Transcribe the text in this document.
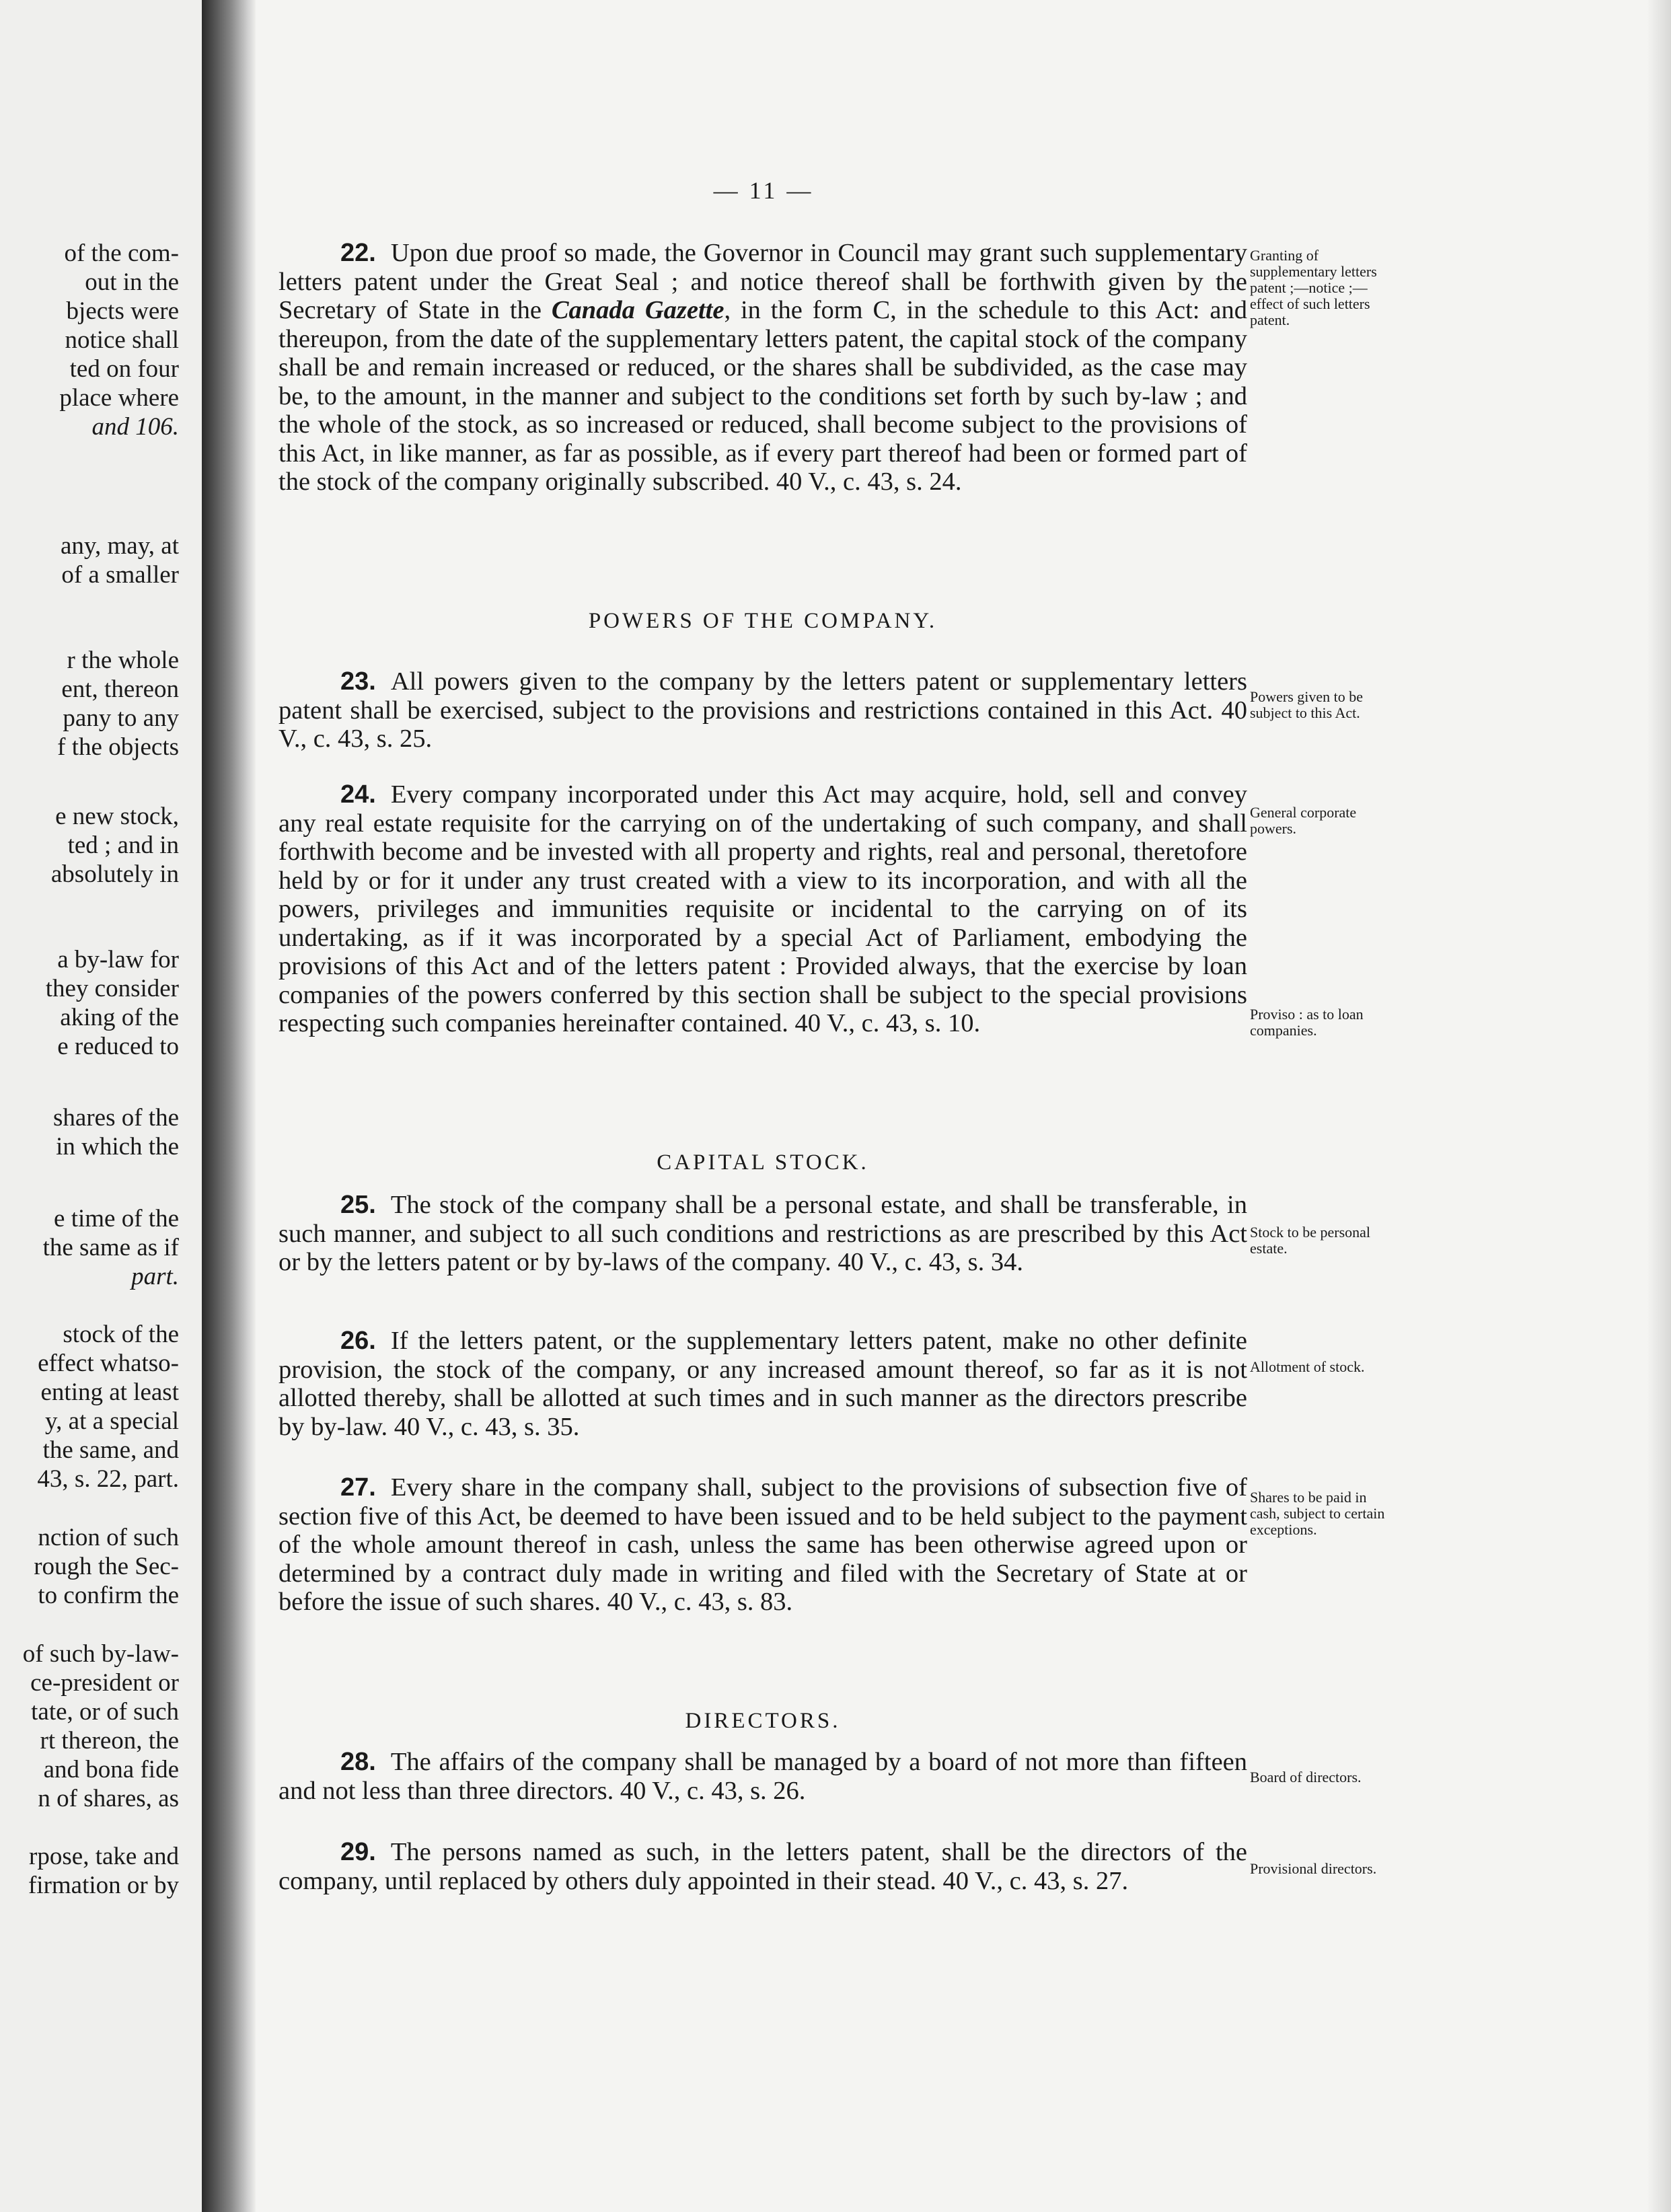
of the com-
out in the
bjects were
notice shall
ted on four
place where
and 106.
any, may, at
of a smaller
r the whole
ent, thereon
pany to any
f the objects
e new stock,
ted ; and in
absolutely in
a by-law for
they consider
aking of the
e reduced to
shares of the
in which the
e time of the
the same as if
part.
stock of the
effect whatso-
enting at least
y, at a special
the same, and
43, s. 22, part.
nction of such
rough the Sec-
to confirm the
of such by-law-
ce-president or
tate, or of such
rt thereon, the
and bona fide
n of shares, as
rpose, take and
firmation or by
— 11 —
22. Upon due proof so made, the Governor in Council may grant such supplementary letters patent under the Great Seal ; and notice thereof shall be forthwith given by the Secretary of State in the Canada Gazette, in the form C, in the schedule to this Act: and thereupon, from the date of the supplementary letters patent, the capital stock of the company shall be and remain increased or reduced, or the shares shall be subdivided, as the case may be, to the amount, in the manner and subject to the conditions set forth by such by-law ; and the whole of the stock, as so increased or reduced, shall become subject to the provisions of this Act, in like manner, as far as possible, as if every part thereof had been or formed part of the stock of the company originally subscribed. 40 V., c. 43, s. 24.
Granting of supplementary letters patent ;—notice ;—effect of such letters patent.
POWERS OF THE COMPANY.
23. All powers given to the company by the letters patent or supplementary letters patent shall be exercised, subject to the provisions and restrictions contained in this Act. 40 V., c. 43, s. 25.
Powers given to be subject to this Act.
24. Every company incorporated under this Act may acquire, hold, sell and convey any real estate requisite for the carrying on of the undertaking of such company, and shall forthwith become and be invested with all property and rights, real and personal, theretofore held by or for it under any trust created with a view to its incorporation, and with all the powers, privileges and immunities requisite or incidental to the carrying on of its undertaking, as if it was incorporated by a special Act of Parliament, embodying the provisions of this Act and of the letters patent : Provided always, that the exercise by loan companies of the powers conferred by this section shall be subject to the special provisions respecting such companies hereinafter contained. 40 V., c. 43, s. 10.
General corporate powers.
Proviso : as to loan companies.
CAPITAL STOCK.
25. The stock of the company shall be a personal estate, and shall be transferable, in such manner, and subject to all such conditions and restrictions as are prescribed by this Act or by the letters patent or by by-laws of the company. 40 V., c. 43, s. 34.
Stock to be personal estate.
26. If the letters patent, or the supplementary letters patent, make no other definite provision, the stock of the company, or any increased amount thereof, so far as it is not allotted thereby, shall be allotted at such times and in such manner as the directors prescribe by by-law. 40 V., c. 43, s. 35.
Allotment of stock.
27. Every share in the company shall, subject to the provisions of subsection five of section five of this Act, be deemed to have been issued and to be held subject to the payment of the whole amount thereof in cash, unless the same has been otherwise agreed upon or determined by a contract duly made in writing and filed with the Secretary of State at or before the issue of such shares. 40 V., c. 43, s. 83.
Shares to be paid in cash, subject to certain exceptions.
DIRECTORS.
28. The affairs of the company shall be managed by a board of not more than fifteen and not less than three directors. 40 V., c. 43, s. 26.	Board of directors.
29. The persons named as such, in the letters patent, shall be the directors of the company, until replaced by others duly appointed in their stead. 40 V., c. 43, s. 27.	Provisional directors.
